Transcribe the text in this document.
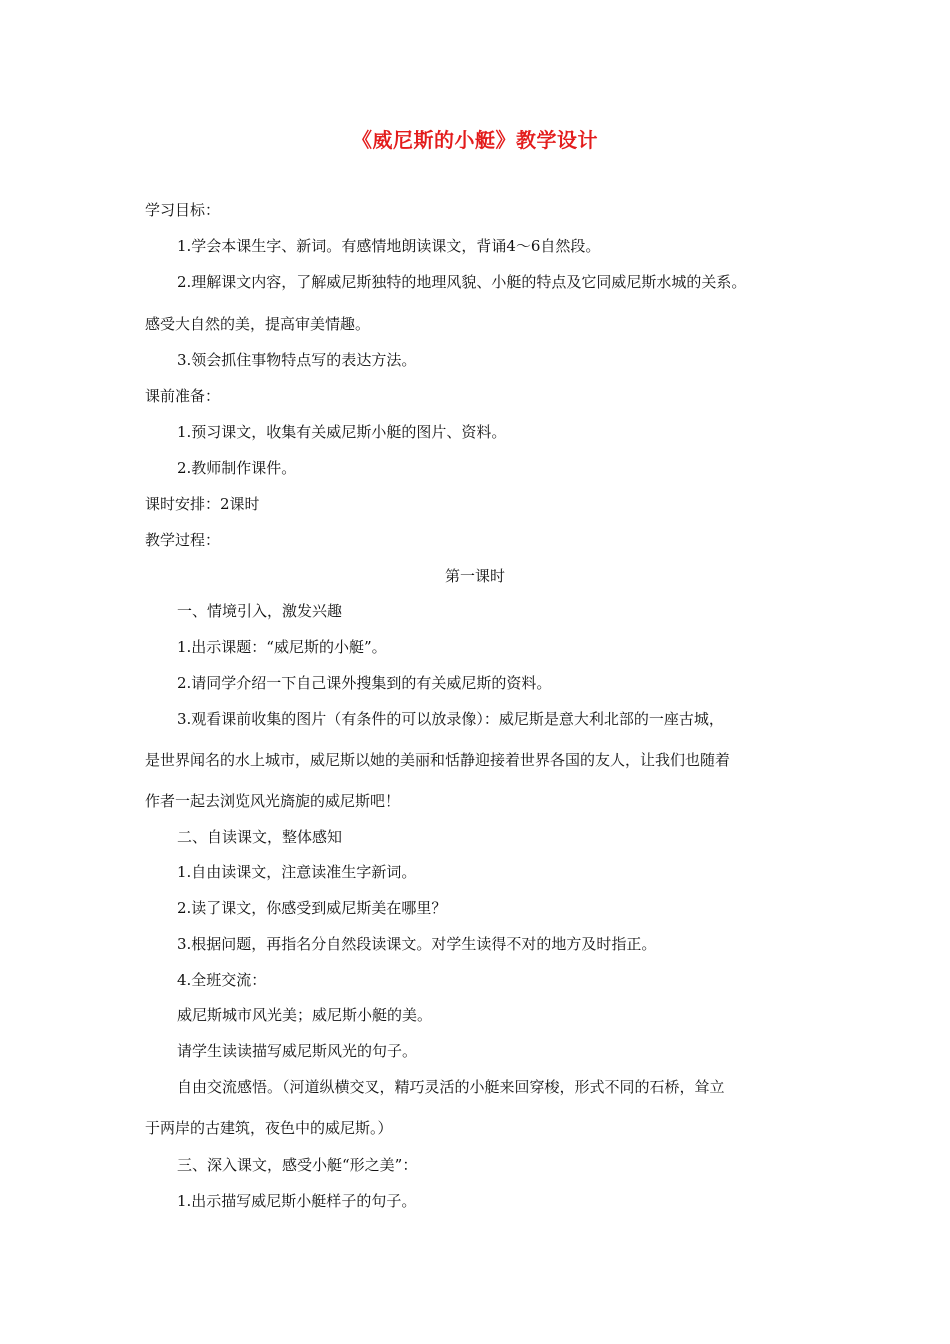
《威尼斯的小艇》教学设计
学习目标：
1.学会本课生字、新词。有感情地朗读课文，背诵4～6自然段。
2.理解课文内容，了解威尼斯独特的地理风貌、小艇的特点及它同威尼斯水城的关系。
感受大自然的美，提高审美情趣。
3.领会抓住事物特点写的表达方法。
课前准备：
1.预习课文，收集有关威尼斯小艇的图片、资料。
2.教师制作课件。
课时安排：2课时
教学过程：
第一课时
一、情境引入，激发兴趣
1.出示课题：“威尼斯的小艇”。
2.请同学介绍一下自己课外搜集到的有关威尼斯的资料。
3.观看课前收集的图片（有条件的可以放录像）：威尼斯是意大利北部的一座古城，
是世界闻名的水上城市，威尼斯以她的美丽和恬静迎接着世界各国的友人，让我们也随着
作者一起去浏览风光旖旎的威尼斯吧！
二、自读课文，整体感知
1.自由读课文，注意读准生字新词。
2.读了课文，你感受到威尼斯美在哪里？
3.根据问题，再指名分自然段读课文。对学生读得不对的地方及时指正。
4.全班交流：
威尼斯城市风光美；威尼斯小艇的美。
请学生读读描写威尼斯风光的句子。
自由交流感悟。（河道纵横交叉，精巧灵活的小艇来回穿梭，形式不同的石桥，耸立
于两岸的古建筑，夜色中的威尼斯。）
三、深入课文，感受小艇“形之美”：
1.出示描写威尼斯小艇样子的句子。
